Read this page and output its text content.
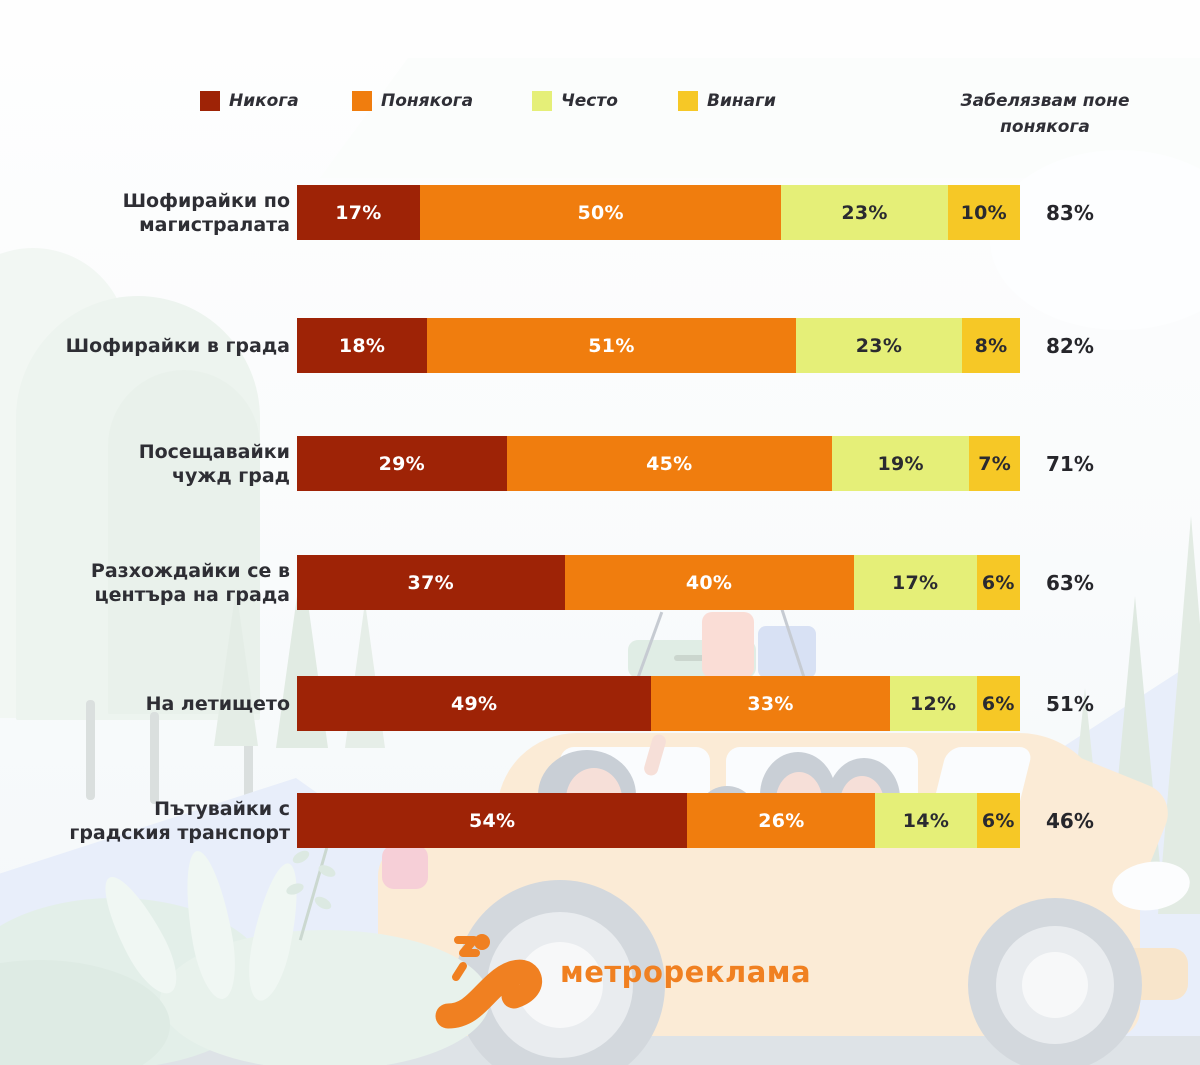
Никога	Понякога	Често	Винаги	Забелязвам поне
понякога
Шофирайки по
магистралата
17%	50%	23%	10%	83%
Шофирайки в града	18%	51%	23%	8%	82%
Посещавайки
чужд град
29%	45%	19%	7%	71%
Разхождайки се в
центъра на града
37%	40%	17%	6% 63%
На летището	49%	33%	12%	6% 51%
Пътувайки с
градския транспорт
54%	26%	14%	6% 46%
метрореклама
